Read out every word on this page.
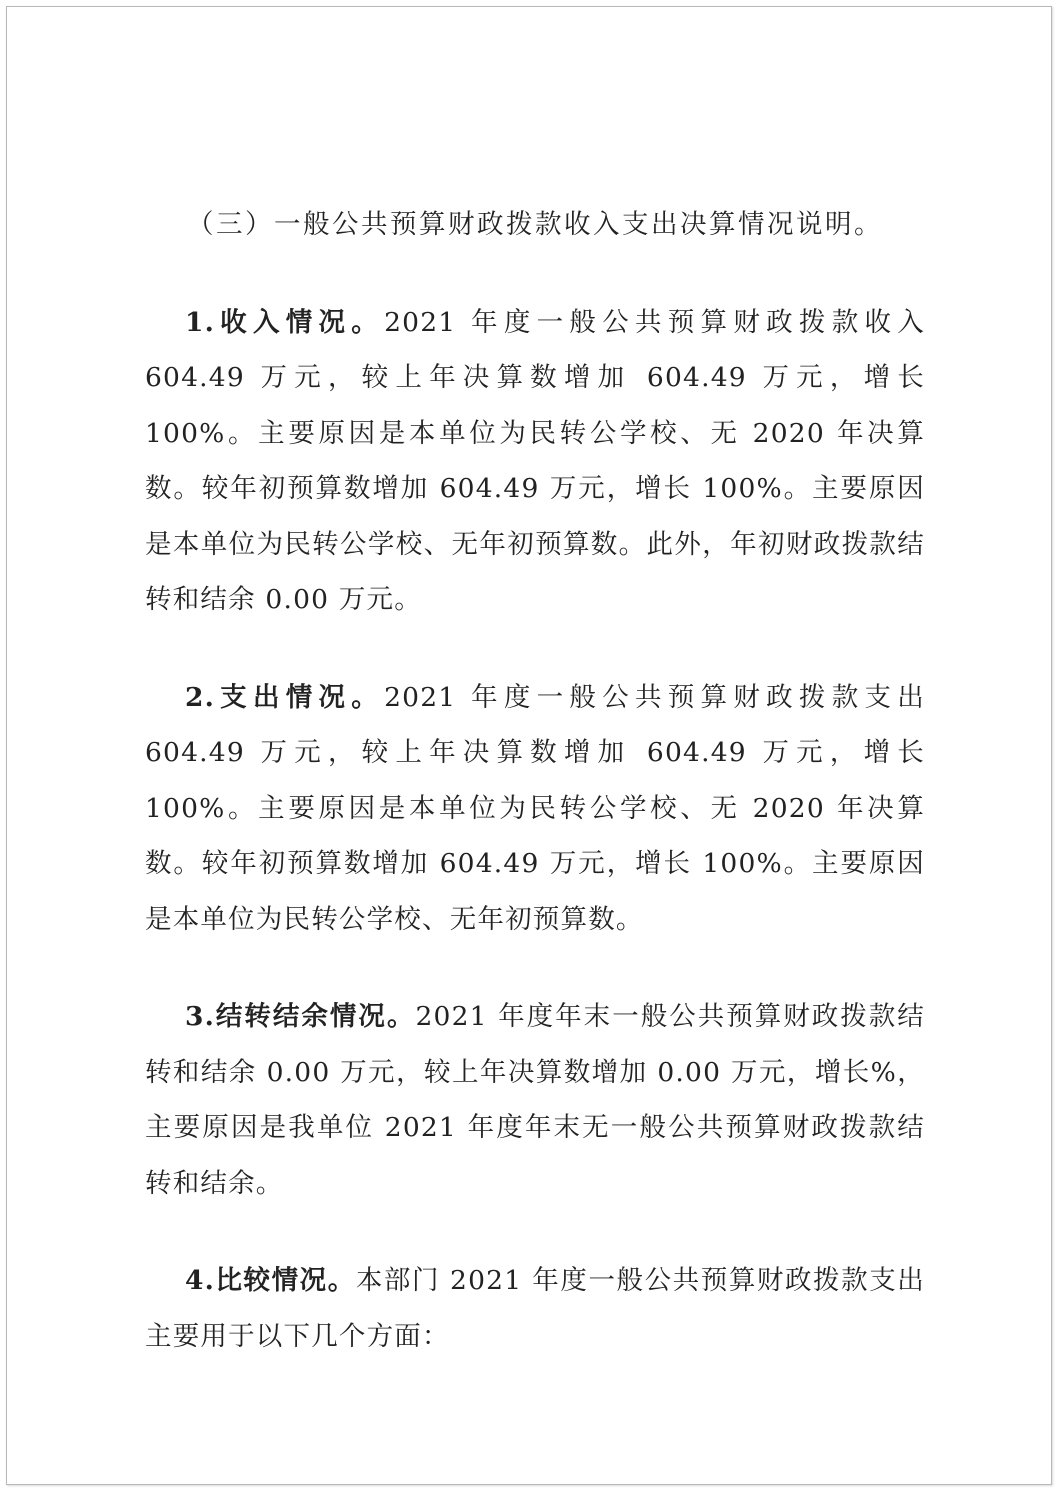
（三）一般公共预算财政拨款收入支出决算情况说明。

1.收入情况。2021 年度一般公共预算财政拨款收入 604.49 万元，较上年决算数增加 604.49 万元，增长 100%。主要原因是本单位为民转公学校、无 2020 年决算数。较年初预算数增加 604.49 万元，增长 100%。主要原因是本单位为民转公学校、无年初预算数。此外，年初财政拨款结转和结余 0.00 万元。

2.支出情况。2021 年度一般公共预算财政拨款支出 604.49 万元，较上年决算数增加 604.49 万元，增长 100%。主要原因是本单位为民转公学校、无 2020 年决算数。较年初预算数增加 604.49 万元，增长 100%。主要原因是本单位为民转公学校、无年初预算数。

3.结转结余情况。2021 年度年末一般公共预算财政拨款结转和结余 0.00 万元，较上年决算数增加 0.00 万元，增长%，主要原因是我单位 2021 年度年末无一般公共预算财政拨款结转和结余。

4.比较情况。本部门 2021 年度一般公共预算财政拨款支出主要用于以下几个方面：
